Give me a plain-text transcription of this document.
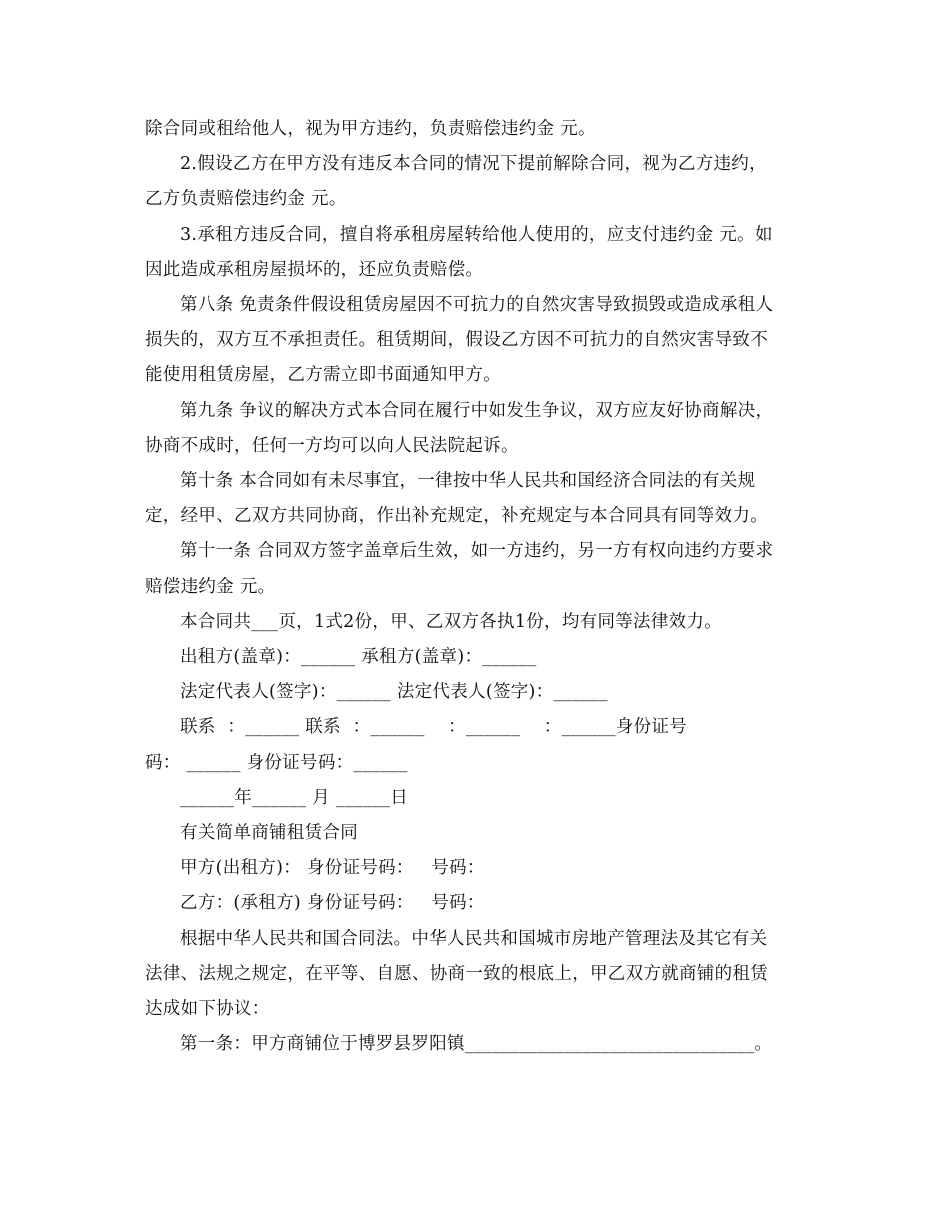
除合同或租给他人，视为甲方违约，负责赔偿违约金 元。

2.假设乙方在甲方没有违反本合同的情况下提前解除合同，视为乙方违约，
乙方负责赔偿违约金 元。

3.承租方违反合同，擅自将承租房屋转给他人使用的，应支付违约金 元。如
因此造成承租房屋损坏的，还应负责赔偿。

第八条 免责条件假设租赁房屋因不可抗力的自然灾害导致损毁或造成承租人
损失的，双方互不承担责任。租赁期间，假设乙方因不可抗力的自然灾害导致不
能使用租赁房屋，乙方需立即书面通知甲方。

第九条 争议的解决方式本合同在履行中如发生争议，双方应友好协商解决，
协商不成时，任何一方均可以向人民法院起诉。

第十条 本合同如有未尽事宜，一律按中华人民共和国经济合同法的有关规
定，经甲、乙双方共同协商，作出补充规定，补充规定与本合同具有同等效力。

第十一条 合同双方签字盖章后生效，如一方违约，另一方有权向违约方要求
赔偿违约金 元。

本合同共___页，1式2份，甲、乙双方各执1份，均有同等法律效力。

出租方(盖章)：______ 承租方(盖章)：______

法定代表人(签字)：______ 法定代表人(签字)：______

联系  ：______ 联系  ：______    ：______    ：______身份证号
码： ______ 身份证号码：______

______年______ 月 ______日

有关简单商铺租赁合同

甲方(出租方)： 身份证号码：   号码：

乙方：(承租方) 身份证号码：   号码：

根据中华人民共和国合同法。中华人民共和国城市房地产管理法及其它有关
法律、法规之规定，在平等、自愿、协商一致的根底上，甲乙双方就商铺的租赁
达成如下协议：

第一条：甲方商铺位于博罗县罗阳镇________________________________。
